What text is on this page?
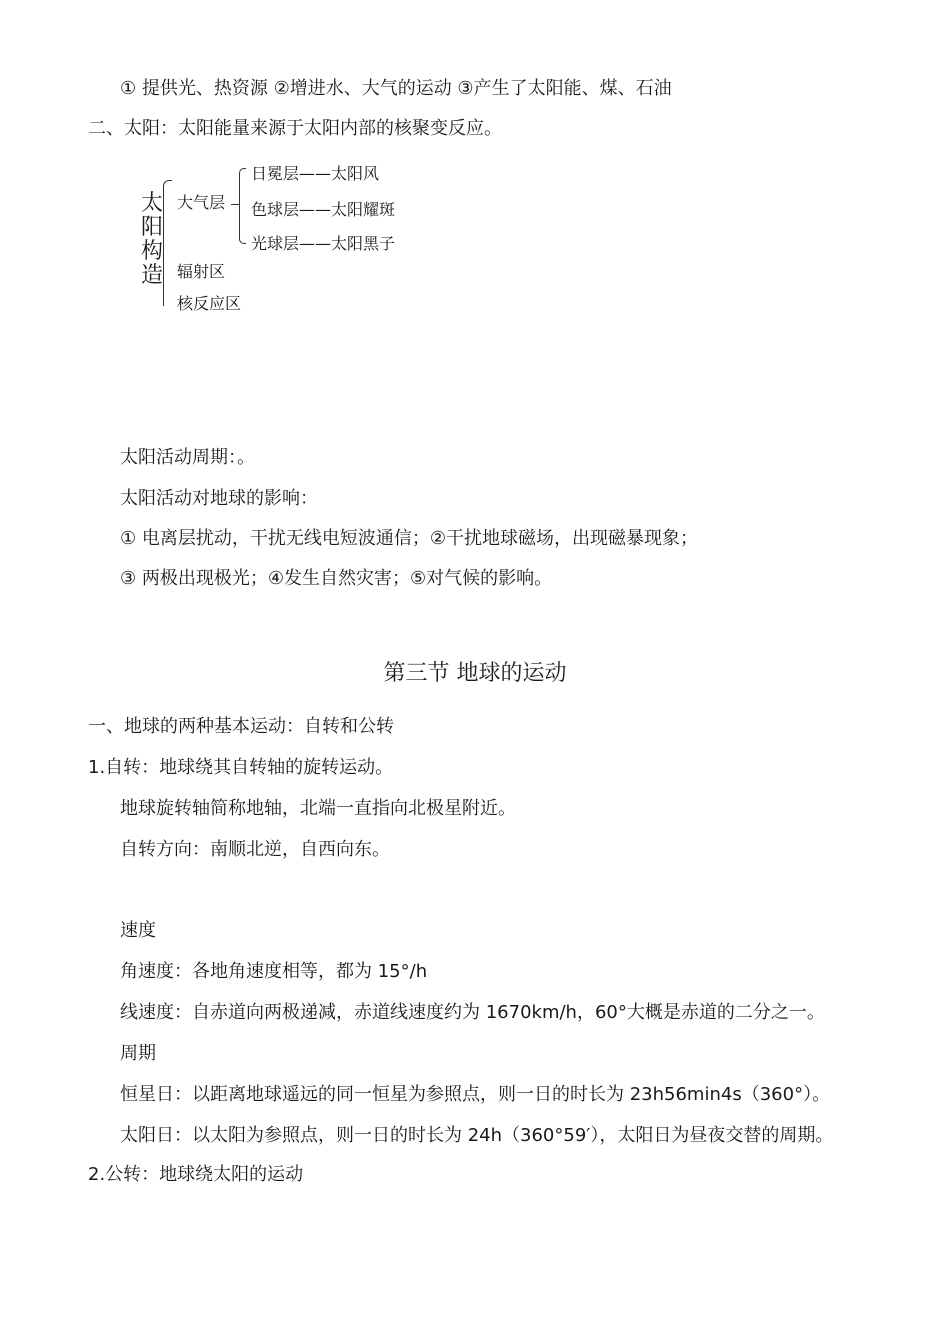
① 提供光、热资源 ②增进水、大气的运动 ③产生了太阳能、煤、石油
二、太阳：太阳能量来源于太阳内部的核聚变反应。
太
阳
构
造
大气层
日冕层——太阳风
色球层——太阳耀斑
光球层——太阳黑子
辐射区
核反应区
太阳活动周期：。
太阳活动对地球的影响：
① 电离层扰动，干扰无线电短波通信；②干扰地球磁场，出现磁暴现象；
③ 两极出现极光；④发生自然灾害；⑤对气候的影响。
第三节 地球的运动
一、地球的两种基本运动：自转和公转
1.自转：地球绕其自转轴的旋转运动。
地球旋转轴简称地轴，北端一直指向北极星附近。
自转方向：南顺北逆，自西向东。
速度
角速度：各地角速度相等，都为 15°/h
线速度：自赤道向两极递减，赤道线速度约为 1670km/h，60°大概是赤道的二分之一。
周期
恒星日：以距离地球遥远的同一恒星为参照点，则一日的时长为 23h56min4s（360°）。
太阳日：以太阳为参照点，则一日的时长为 24h（360°59′），太阳日为昼夜交替的周期。
2.公转：地球绕太阳的运动
